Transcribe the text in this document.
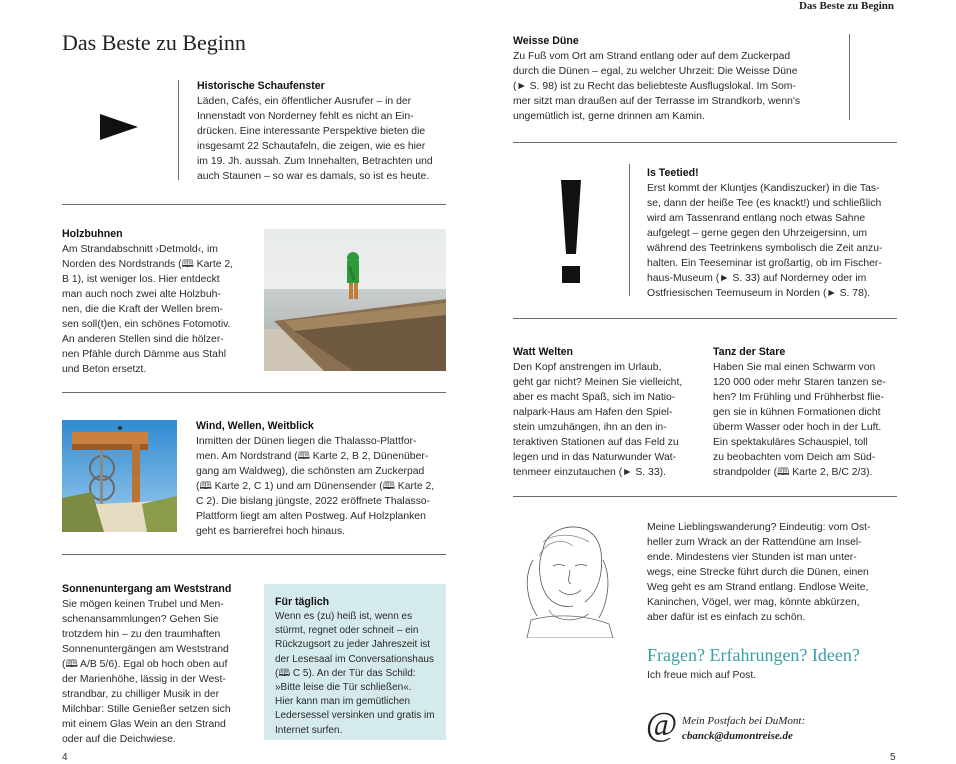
Das Beste zu Beginn
Das Beste zu Beginn

Historische Schaufenster

Läden, Cafés, ein öffentlicher Ausrufer – in der
Innenstadt von Norderney fehlt es nicht an Ein-
drücken. Eine interessante Perspektive bieten die
insgesamt 22 Schautafeln, die zeigen, wie es hier
im 19. Jh. aussah. Zum Innehalten, Betrachten und
auch Staunen – so war es damals, so ist es heute.

Holzbuhnen

Am Strandabschnitt ›Detmold‹, im
Norden des Nordstrands (🕮 Karte 2,
B 1), ist weniger los. Hier entdeckt
man auch noch zwei alte Holzbuh-
nen, die die Kraft der Wellen brem-
sen soll(t)en, ein schönes Fotomotiv.
An anderen Stellen sind die hölzer-
nen Pfähle durch Dämme aus Stahl
und Beton ersetzt.

Wind, Wellen, Weitblick

Inmitten der Dünen liegen die Thalasso-Plattfor-
men. Am Nordstrand (🕮 Karte 2, B 2, Dünenüber-
gang am Waldweg), die schönsten am Zuckerpad
(🕮 Karte 2, C 1) und am Dünensender (🕮 Karte 2,
C 2). Die bislang jüngste, 2022 eröffnete Thalasso-
Plattform liegt am alten Postweg. Auf Holzplanken
geht es barrierefrei hoch hinaus.

Sonnenuntergang am Weststrand

Sie mögen keinen Trubel und Men-
schenansammlungen? Gehen Sie
trotzdem hin – zu den traumhaften
Sonnenuntergängen am Weststrand
(🕮 A/B 5/6). Egal ob hoch oben auf
der Marienhöhe, lässig in der West-
strandbar, zu chilliger Musik in der
Milchbar: Stille Genießer setzen sich
mit einem Glas Wein an den Strand
oder auf die Deichwiese.

Für täglich

Wenn es (zu) heiß ist, wenn es
stürmt, regnet oder schneit – ein
Rückzugsort zu jeder Jahreszeit ist
der Lesesaal im Conversationshaus
(🕮 C 5). An der Tür das Schild:
»Bitte leise die Tür schließen«.
Hier kann man im gemütlichen
Ledersessel versinken und gratis im
Internet surfen.
4

Weisse Düne

Zu Fuß vom Ort am Strand entlang oder auf dem Zuckerpad
durch die Dünen – egal, zu welcher Uhrzeit: Die Weisse Düne
(► S. 98) ist zu Recht das beliebteste Ausflugslokal. Im Som-
mer sitzt man draußen auf der Terrasse im Strandkorb, wenn's
ungemütlich ist, gerne drinnen am Kamin.

Is Teetied!

Erst kommt der Kluntjes (Kandiszucker) in die Tas-
se, dann der heiße Tee (es knackt!) und schließlich
wird am Tassenrand entlang noch etwas Sahne
aufgelegt – gerne gegen den Uhrzeigersinn, um
während des Teetrinkens symbolisch die Zeit anzu-
halten. Ein Teeseminar ist großartig, ob im Fischer-
haus-Museum (► S. 33) auf Norderney oder im
Ostfriesischen Teemuseum in Norden (► S. 78).

Watt Welten

Den Kopf anstrengen im Urlaub,
geht gar nicht? Meinen Sie vielleicht,
aber es macht Spaß, sich im Natio-
nalpark-Haus am Hafen den Spiel-
stein umzuhängen, ihn an den in-
teraktiven Stationen auf das Feld zu
legen und in das Naturwunder Wat-
tenmeer einzutauchen (► S. 33).

Tanz der Stare

Haben Sie mal einen Schwarm von
120 000 oder mehr Staren tanzen se-
hen? Im Frühling und Frühherbst flie-
gen sie in kühnen Formationen dicht
überm Wasser oder hoch in der Luft.
Ein spektakuläres Schauspiel, toll
zu beobachten vom Deich am Süd-
strandpolder (🕮 Karte 2, B/C 2/3).
Meine Lieblingswanderung? Eindeutig: vom Ost-
heller zum Wrack an der Rattendüne am Insel-
ende. Mindestens vier Stunden ist man unter-
wegs, eine Strecke führt durch die Dünen, einen
Weg geht es am Strand entlang. Endlose Weite,
Kaninchen, Vögel, wer mag, könnte abkürzen,
aber dafür ist es einfach zu schön.
Fragen? Erfahrungen? Ideen?
Ich freue mich auf Post.
@ Mein Postfach bei DuMont:
cbanck@dumontreise.de
5
